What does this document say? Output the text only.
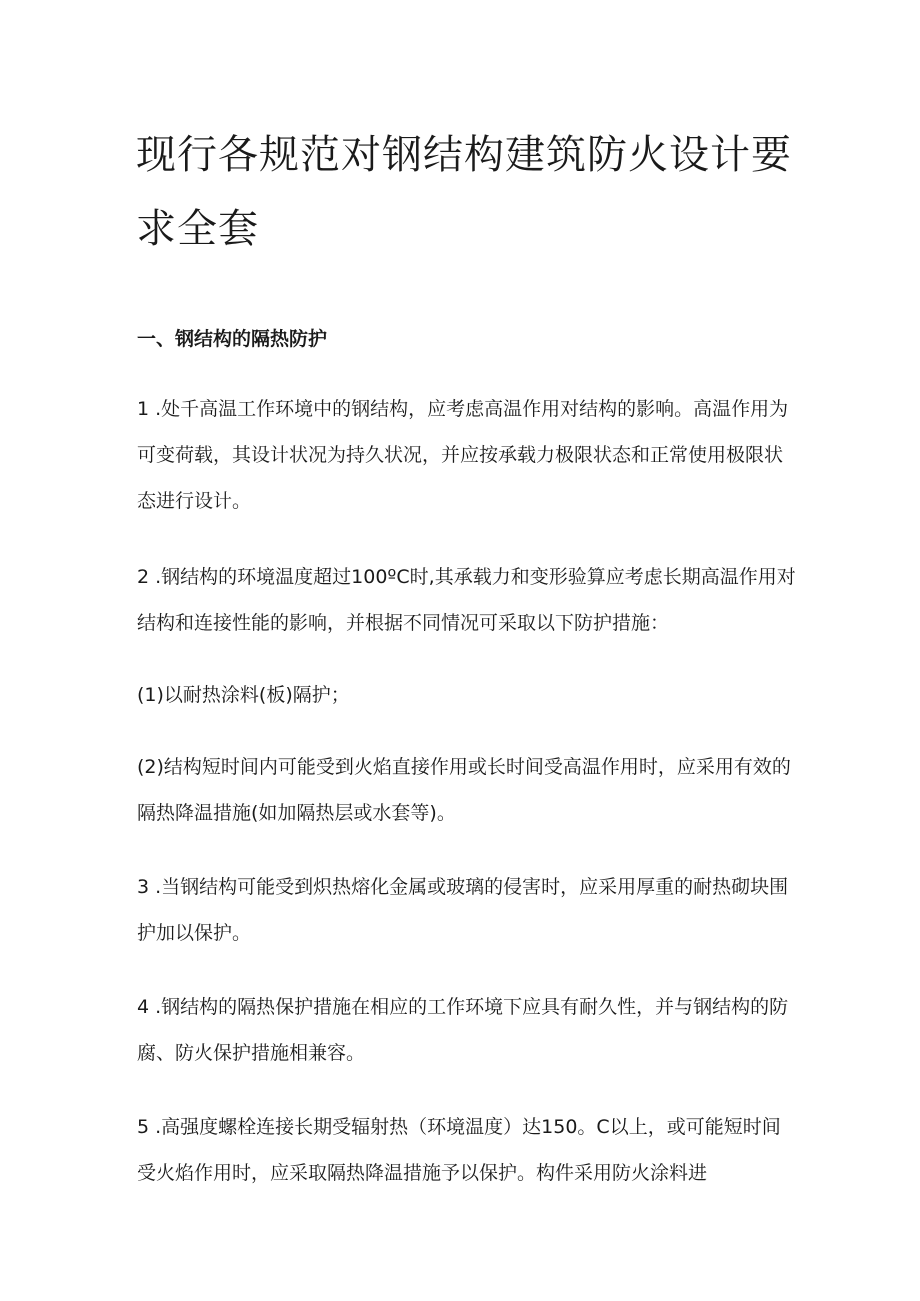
现行各规范对钢结构建筑防火设计要求全套
一、钢结构的隔热防护

1 .处千高温工作环境中的钢结构，应考虑高温作用对结构的影响。高温作用为可变荷载，其设计状况为持久状况，并应按承载力极限状态和正常使用极限状态进行设计。

2 .钢结构的环境温度超过100ºC时,其承载力和变形验算应考虑长期高温作用对结构和连接性能的影响，并根据不同情况可采取以下防护措施：

(1)以耐热涂料(板)隔护；

(2)结构短时间内可能受到火焰直接作用或长时间受高温作用时，应采用有效的隔热降温措施(如加隔热层或水套等)。

3 .当钢结构可能受到炽热熔化金属或玻璃的侵害时，应采用厚重的耐热砌块围护加以保护。

4 .钢结构的隔热保护措施在相应的工作环境下应具有耐久性，并与钢结构的防腐、防火保护措施相兼容。

5 .高强度螺栓连接长期受辐射热（环境温度）达150。C以上，或可能短时间受火焰作用时，应采取隔热降温措施予以保护。构件采用防火涂料进
